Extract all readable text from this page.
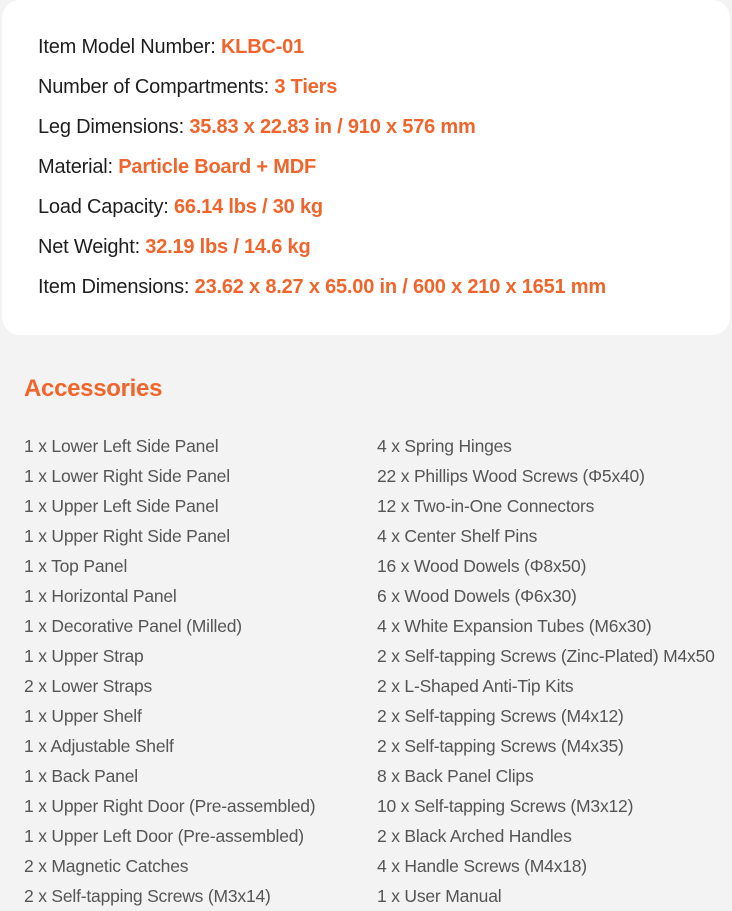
Item Model Number: KLBC-01
Number of Compartments: 3 Tiers
Leg Dimensions: 35.83 x 22.83 in / 910 x 576 mm
Material: Particle Board + MDF
Load Capacity: 66.14 lbs / 30 kg
Net Weight: 32.19 lbs / 14.6 kg
Item Dimensions: 23.62 x 8.27 x 65.00 in / 600 x 210 x 1651 mm
Accessories
1 x Lower Left Side Panel
1 x Lower Right Side Panel
1 x Upper Left Side Panel
1 x Upper Right Side Panel
1 x Top Panel
1 x Horizontal Panel
1 x Decorative Panel (Milled)
1 x Upper Strap
2 x Lower Straps
1 x Upper Shelf
1 x Adjustable Shelf
1 x Back Panel
1 x Upper Right Door (Pre-assembled)
1 x Upper Left Door (Pre-assembled)
2 x Magnetic Catches
2 x Self-tapping Screws (M3x14)
4 x Spring Hinges
22 x Phillips Wood Screws (Φ5x40)
12 x Two-in-One Connectors
4 x Center Shelf Pins
16 x Wood Dowels (Φ8x50)
6 x Wood Dowels (Φ6x30)
4 x White Expansion Tubes (M6x30)
2 x Self-tapping Screws (Zinc-Plated) M4x50
2 x L-Shaped Anti-Tip Kits
2 x Self-tapping Screws (M4x12)
2 x Self-tapping Screws (M4x35)
8 x Back Panel Clips
10 x Self-tapping Screws (M3x12)
2 x Black Arched Handles
4 x Handle Screws (M4x18)
1 x User Manual
